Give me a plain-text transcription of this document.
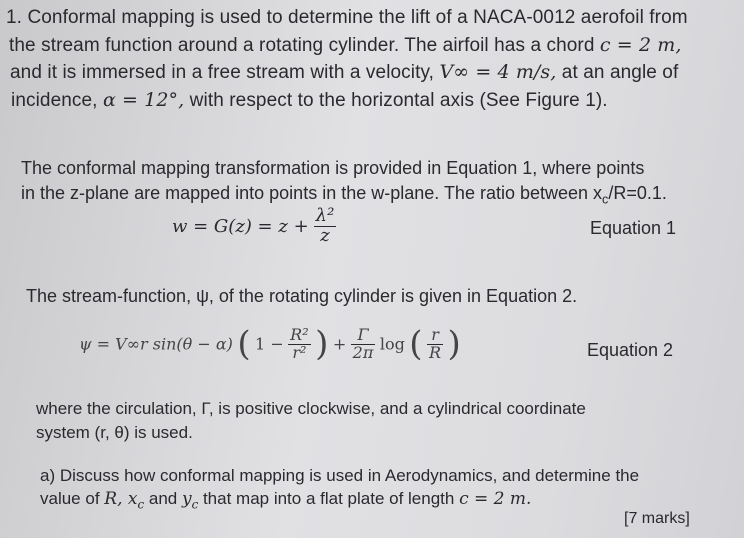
1. Conformal mapping is used to determine the lift of a NACA-0012 aerofoil from
the stream function around a rotating cylinder. The airfoil has a chord c = 2 m,
and it is immersed in a free stream with a velocity, V∞ = 4 m/s, at an angle of
incidence, α = 12°, with respect to the horizontal axis (See Figure 1).
The conformal mapping transformation is provided in Equation 1, where points
in the z-plane are mapped into points in the w-plane. The ratio between $x_c/R=0.1$.
$w = G(z) = z + \frac{\text{λ²}}{z}$	Equation 1
The stream-function, ψ, of the rotating cylinder is given in Equation 2.
ψ = V∞r sin(θ − α) ( $1 - \frac{\text{R²}}{\text{r²}}$ ) + $\frac{\Gamma}{2\pi}$ log ( $\frac{r}{R}$ )	Equation 2
where the circulation, Γ, is positive clockwise, and a cylindrical coordinate
system (r, θ) is used.
a) Discuss how conformal mapping is used in Aerodynamics, and determine the
value of R, $x_c$ and $y_c$ that map into a flat plate of length c = 2 m.
[7 marks]
